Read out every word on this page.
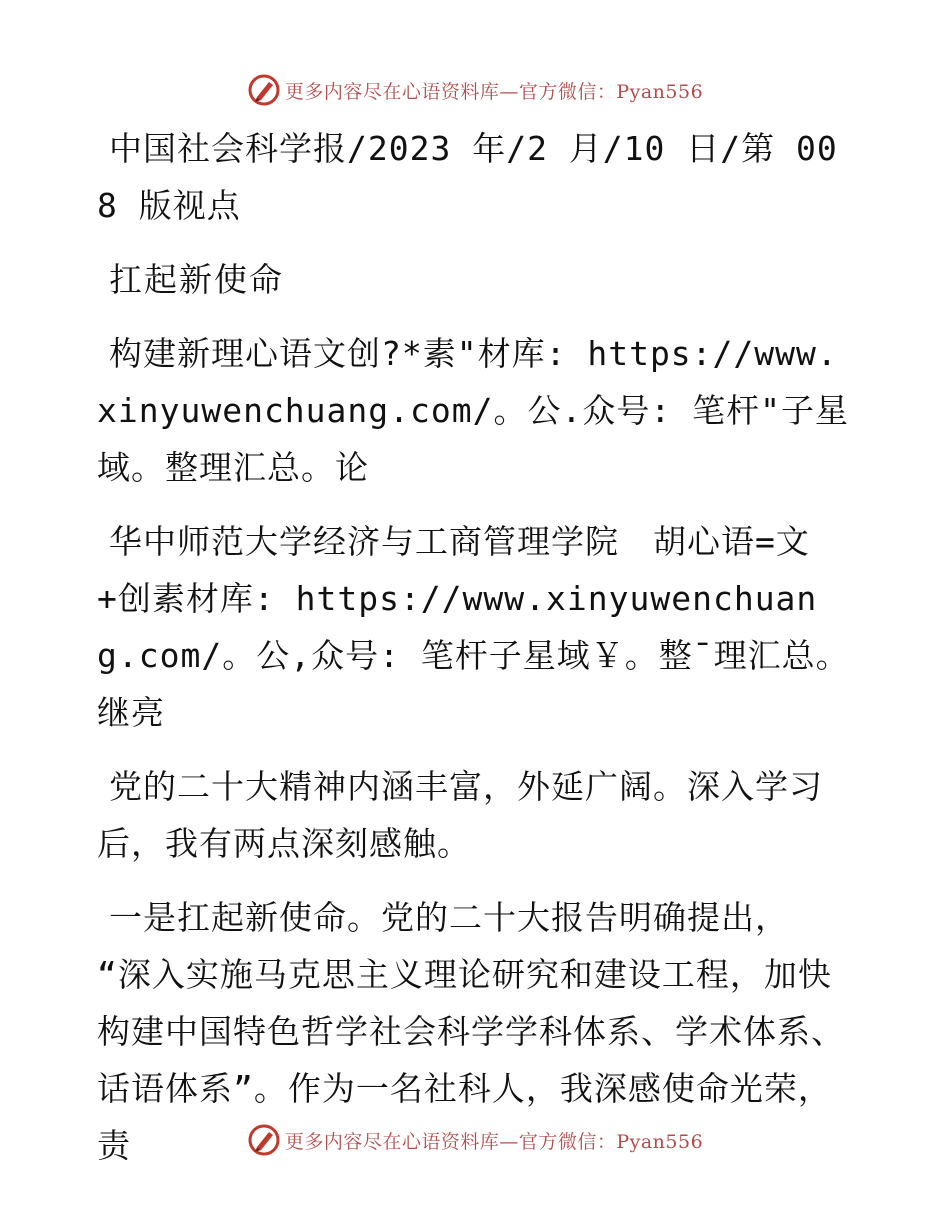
更多内容尽在心语资料库—官方微信：Pyan556

中国社会科学报/2023 年/2 月/10 日/第 008 版视点

扛起新使命

构建新理心语文创?*素"材库: https://www.xinyuwenchuang.com/。公.众号: 笔杆"子星域。整理汇总。论

华中师范大学经济与工商管理学院　胡心语=文+创素材库: https://www.xinyuwenchuang.com/。公,众号: 笔杆子星域￥。整¯理汇总。继亮

党的二十大精神内涵丰富，外延广阔。深入学习后，我有两点深刻感触。

一是扛起新使命。党的二十大报告明确提出，　“深入实施马克思主义理论研究和建设工程，加快构建中国特色哲学社会科学学科体系、学术体系、话语体系”。作为一名社科人，我深感使命光荣，责	更多内容尽在心语资料库—官方微信：Pyan556
